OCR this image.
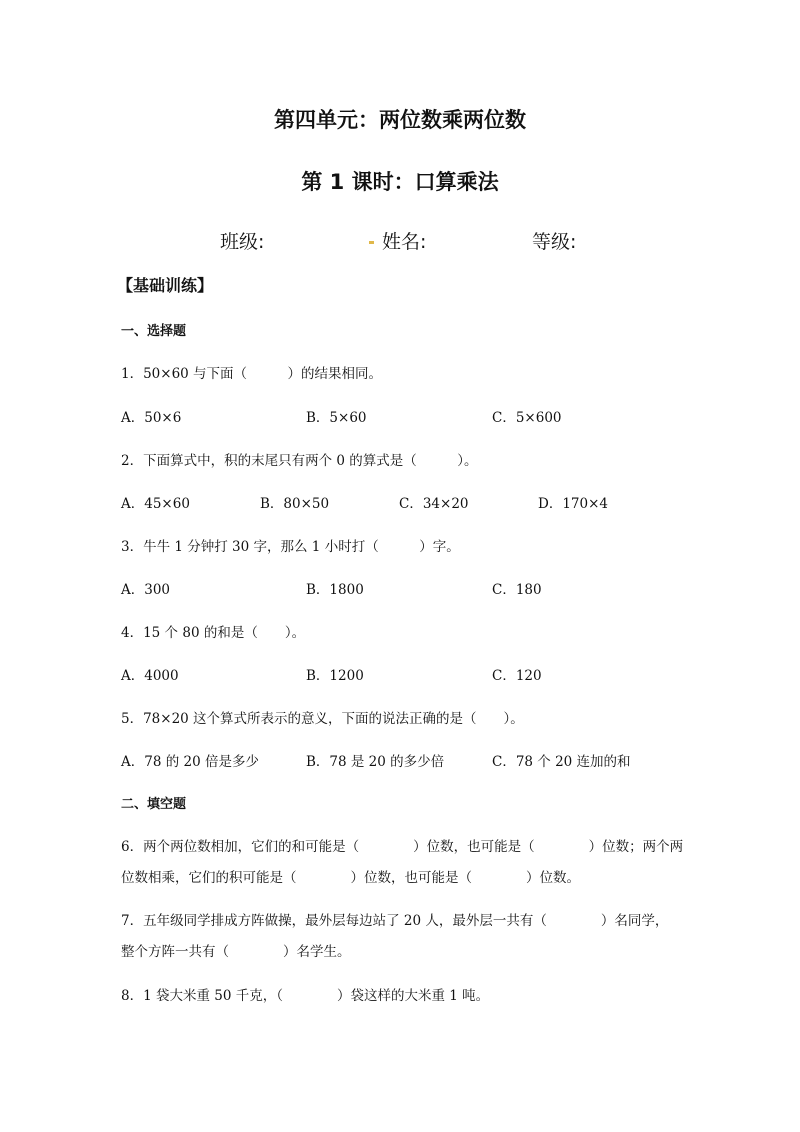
第四单元：两位数乘两位数
第 1 课时：口算乘法
班级:	姓名:	等级:
【基础训练】
一、选择题
1．50×60 与下面（　　　）的结果相同。
A．50×6	B．5×60	C．5×600
2．下面算式中，积的末尾只有两个 0 的算式是（　　　）。
A．45×60	B．80×50	C．34×20	D．170×4
3．牛牛 1 分钟打 30 字，那么 1 小时打（　　　）字。
A．300	B．1800	C．180
4．15 个 80 的和是（　　）。
A．4000	B．1200	C．120
5．78×20 这个算式所表示的意义，下面的说法正确的是（　　）。
A．78 的 20 倍是多少	B．78 是 20 的多少倍	C．78 个 20 连加的和
二、填空题
6．两个两位数相加，它们的和可能是（　　　　）位数，也可能是（　　　　）位数；两个两
位数相乘，它们的积可能是（　　　　）位数，也可能是（　　　　）位数。
7．五年级同学排成方阵做操，最外层每边站了 20 人，最外层一共有（　　　　）名同学，
整个方阵一共有（　　　　）名学生。
8．1 袋大米重 50 千克，（　　　　）袋这样的大米重 1 吨。
